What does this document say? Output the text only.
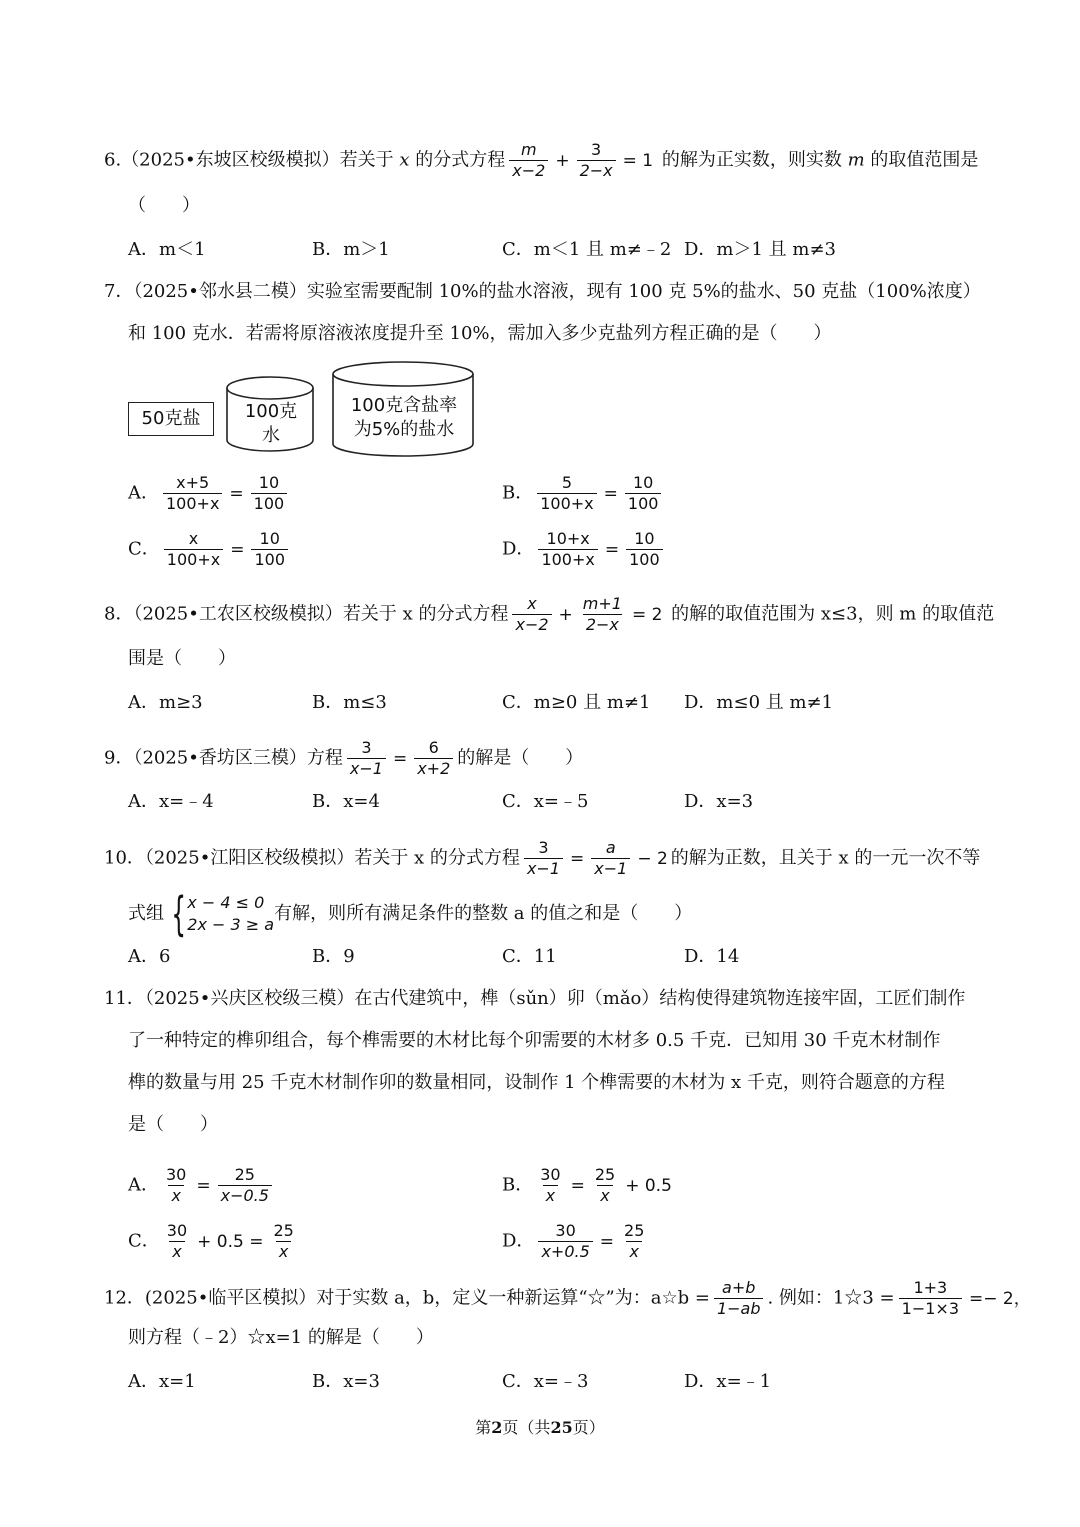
6.（2025•东坡区校级模拟）若关于 x 的分式方程 $\frac{m}{x-2} + \frac{3}{2-x} = 1$ 的解为正实数，则实数 m 的取值范围是
（　　）
A．m＜1	B．m＞1	C．m＜1 且 m≠﹣2 D．m＞1 且 m≠3
7．（2025•邻水县二模）实验室需要配制 10%的盐水溶液，现有 100 克 5%的盐水、50 克盐（100%浓度）
和 100 克水．若需将原溶液浓度提升至 10%，需加入多少克盐列方程正确的是（　　）
50克盐	100克
水
100克含盐率
为5%的盐水
A． $\frac{x+5}{100+x} = \frac{10}{100}$	B． $\frac{5}{100+x} = \frac{10}{100}$
C． $\frac{x}{100+x} = \frac{10}{100}$	D． $\frac{10+x}{100+x} = \frac{10}{100}$
8．（2025•工农区校级模拟）若关于 x 的分式方程 $\frac{x}{x-2} + \frac{m+1}{2-x} = 2$ 的解的取值范围为 x≤3，则 m 的取值范
围是（　　）
A．m≥3	B．m≤3	C．m≥0 且 m≠1 D．m≤0 且 m≠1
9．（2025•香坊区三模）方程 $\frac{3}{x-1} = \frac{6}{x+2}$ 的解是（　　）
A．x=﹣4	B．x=4	C．x=﹣5	D．x=3
10．（2025•江阳区校级模拟）若关于 x 的分式方程 $\frac{3}{x-1} = \frac{a}{x-1} - 2$ 的解为正数，且关于 x 的一元一次不等
式组 { x − 4 ≤ 0
2x − 3 ≥ a
有解，则所有满足条件的整数 a 的值之和是（　　）
A．6	B．9	C．11	D．14
11．（2025•兴庆区校级三模）在古代建筑中，榫（sǔn）卯（mǎo）结构使得建筑物连接牢固，工匠们制作
了一种特定的榫卯组合，每个榫需要的木材比每个卯需要的木材多 0.5 千克．已知用 30 千克木材制作
榫的数量与用 25 千克木材制作卯的数量相同，设制作 1 个榫需要的木材为 x 千克，则符合题意的方程
是（　　）
A． $\frac{30}{x} = \frac{25}{x-0.5}$	B． $\frac{30}{x} = \frac{25}{x} + 0.5$
C． $\frac{30}{x} + 0.5 = \frac{25}{x}$	D． $\frac{30}{x+0.5} = \frac{25}{x}$
12．(2025•临平区模拟）对于实数 a，b，定义一种新运算“☆”为：a☆b = $\frac{a+b}{1-ab}$ . 例如：1☆3 = $\frac{1+3}{1-1\times 3} =- 2$，
则方程（﹣2）☆x=1 的解是（　　）
A．x=1	B．x=3	C．x=﹣3	D．x=﹣1
第2页（共25页）
